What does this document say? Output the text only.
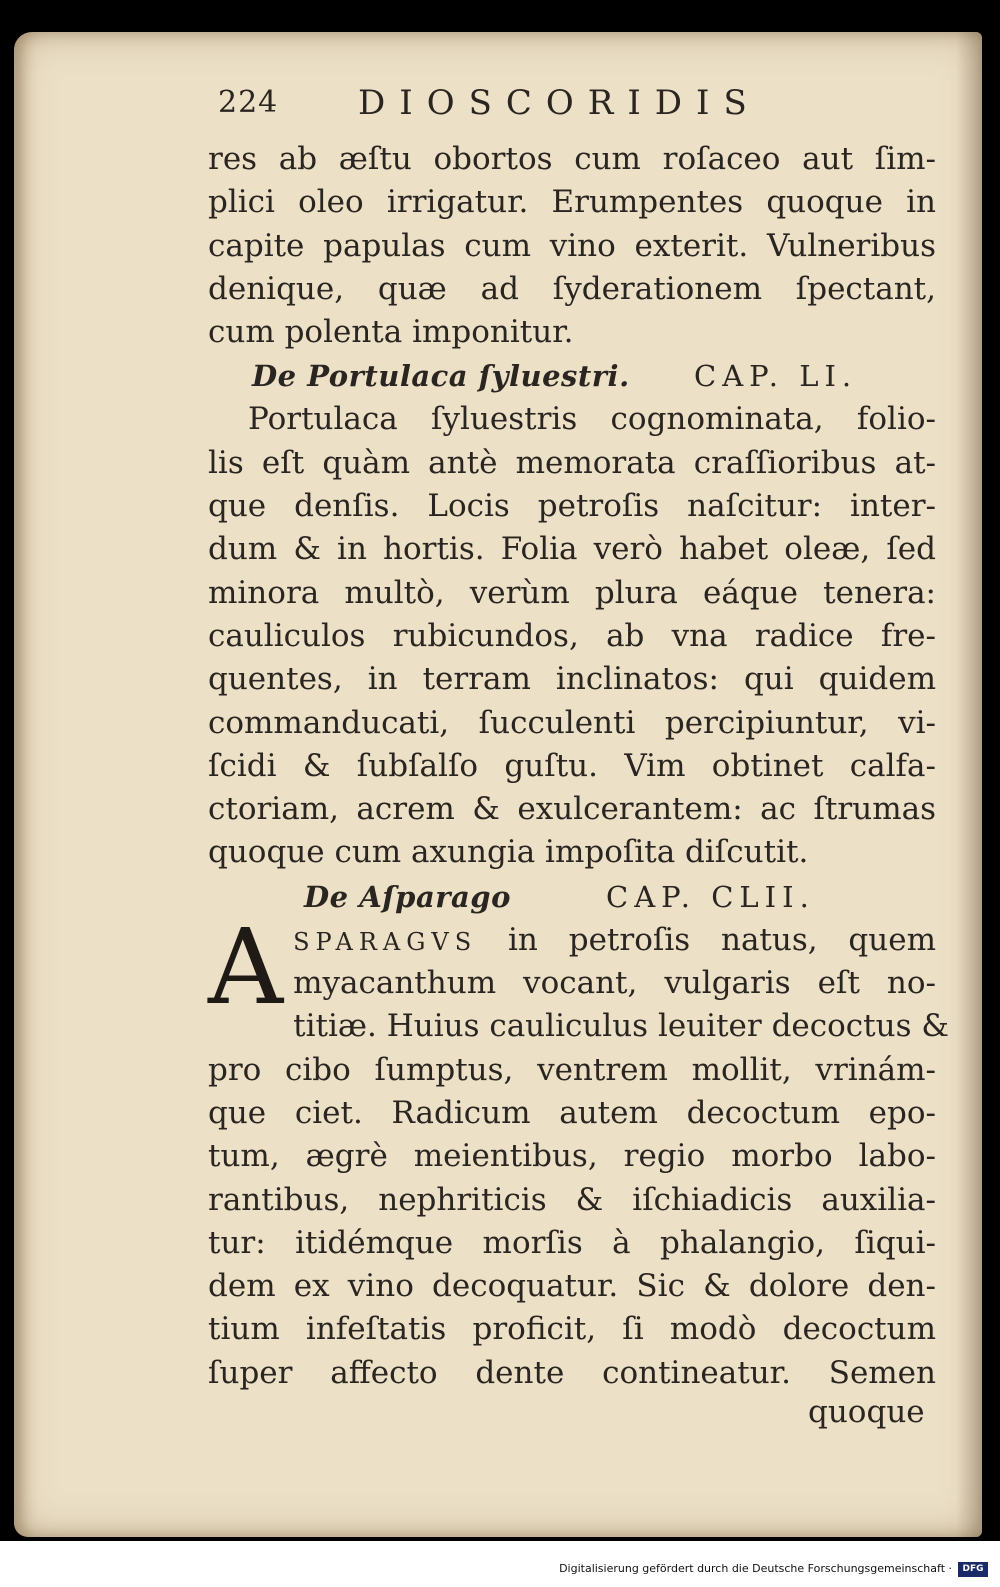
224 DIOSCORIDIS
res ab æſtu obortos cum roſaceo aut ſim-
plici oleo irrigatur. Erumpentes quoque in
capite papulas cum vino exterit. Vulneribus
denique, quæ ad ſyderationem ſpectant,
cum polenta imponitur.
De Portulaca ſyluestri. CAP. LI.
Portulaca ſyluestris cognominata, folio-
lis eſt quàm antè memorata craſſioribus at-
que denſis. Locis petroſis naſcitur: inter-
dum & in hortis. Folia verò habet oleæ, ſed
minora multò, verùm plura eáque tenera:
cauliculos rubicundos, ab vna radice fre-
quentes, in terram inclinatos: qui quidem
commanducati, ſucculenti percipiuntur, vi-
ſcidi & ſubſalſo guſtu. Vim obtinet calfa-
ctoriam, acrem & exulcerantem: ac ſtrumas
quoque cum axungia impoſita diſcutit.
De Aſparago	CAP. CLII.
A SPARAGVS in petroſis natus, quem
myacanthum vocant, vulgaris eſt no-
titiæ. Huius cauliculus leuiter decoctus &
pro cibo ſumptus, ventrem mollit, vrinám-
que ciet. Radicum autem decoctum epo-
tum, ægrè meientibus, regio morbo labo-
rantibus, nephriticis & iſchiadicis auxilia-
tur: itidémque morſis à phalangio, ſiqui-
dem ex vino decoquatur. Sic & dolore den-
tium infeſtatis proficit, ſi modò decoctum
ſuper affecto dente contineatur. Semen
quoque
Digitalisierung gefördert durch die Deutsche Forschungsgemeinschaft ·	DFG
